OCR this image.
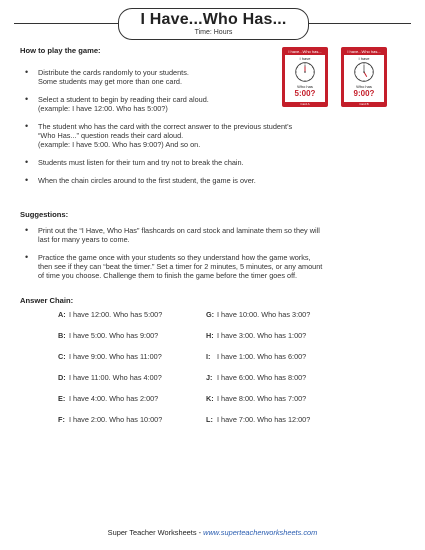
I Have...Who Has...
Time: Hours
How to play the game:
• Distribute the cards randomly to your students.
Some students may get more than one card.
• Select a student to begin by reading their card aloud.
(example: I have 12:00. Who has 5:00?)
• The student who has the card with the correct answer to the previous student’s
“Who Has...” question reads their card aloud.
(example: I have 5:00. Who has 9:00?) And so on.
• Students must listen for their turn and try not to break the chain.
• When the chain circles around to the first student, the game is over.
I have...Who has...
I have
Who has
5:00?
Card A
I have...Who has...
I have
Who has
9:00?
Card B
Suggestions:
• Print out the “I Have, Who Has” flashcards on card stock and laminate them so they will
last for many years to come.
• Practice the game once with your students so they understand how the game works,
then see if they can “beat the timer.” Set a timer for 2 minutes, 5 minutes, or any amount
of time you choose. Challenge them to finish the game before the timer goes off.
Answer Chain:
A: I have 12:00. Who has 5:00?
B: I have 5:00. Who has 9:00?
C: I have 9:00. Who has 11:00?
D: I have 11:00. Who has 4:00?
E: I have 4:00. Who has 2:00?
F: I have 2:00. Who has 10:00?
G: I have 10:00. Who has 3:00?
H: I have 3:00. Who has 1:00?
I: I have 1:00. Who has 6:00?
J: I have 6:00. Who has 8:00?
K: I have 8:00. Who has 7:00?
L: I have 7:00. Who has 12:00?
Super Teacher Worksheets - www.superteacherworksheets.com
